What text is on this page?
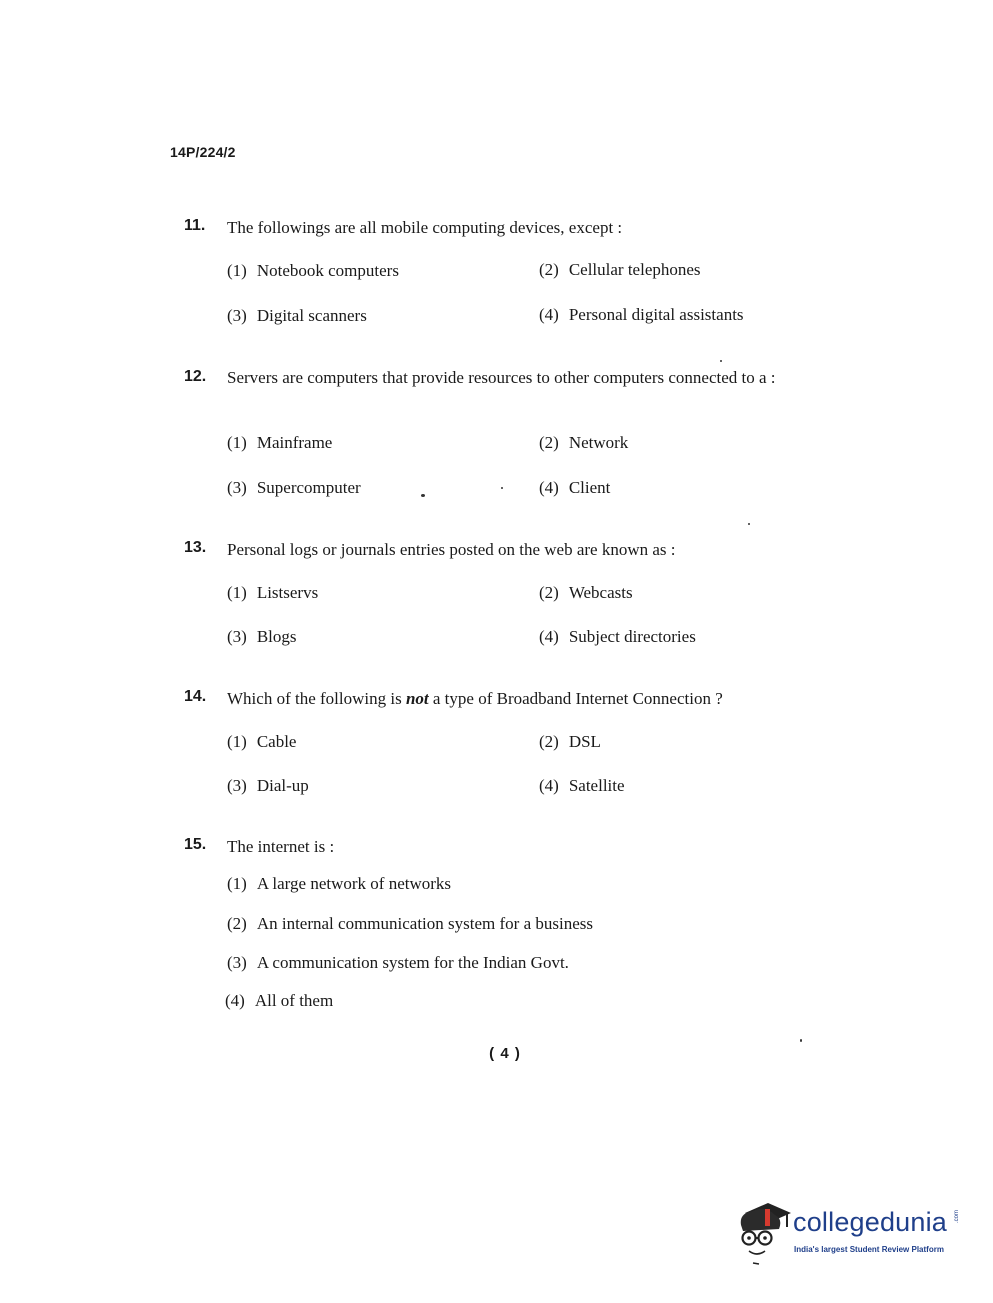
14P/224/2
11. The followings are all mobile computing devices, except :
(1) Notebook computers	(2) Cellular telephones
(3) Digital scanners	(4) Personal digital assistants
12. Servers are computers that provide resources to other computers connected to a :
(1) Mainframe	(2) Network
(3) Supercomputer	(4) Client
13. Personal logs or journals entries posted on the web are known as :
(1) Listservs	(2) Webcasts
(3) Blogs	(4) Subject directories
14. Which of the following is not a type of Broadband Internet Connection ?
(1) Cable	(2) DSL
(3) Dial-up	(4) Satellite
15. The internet is :
(1) A large network of networks
(2) An internal communication system for a business
(3) A communication system for the Indian Govt.
(4) All of them
( 4 )
collegedunia .com
India's largest Student Review Platform
